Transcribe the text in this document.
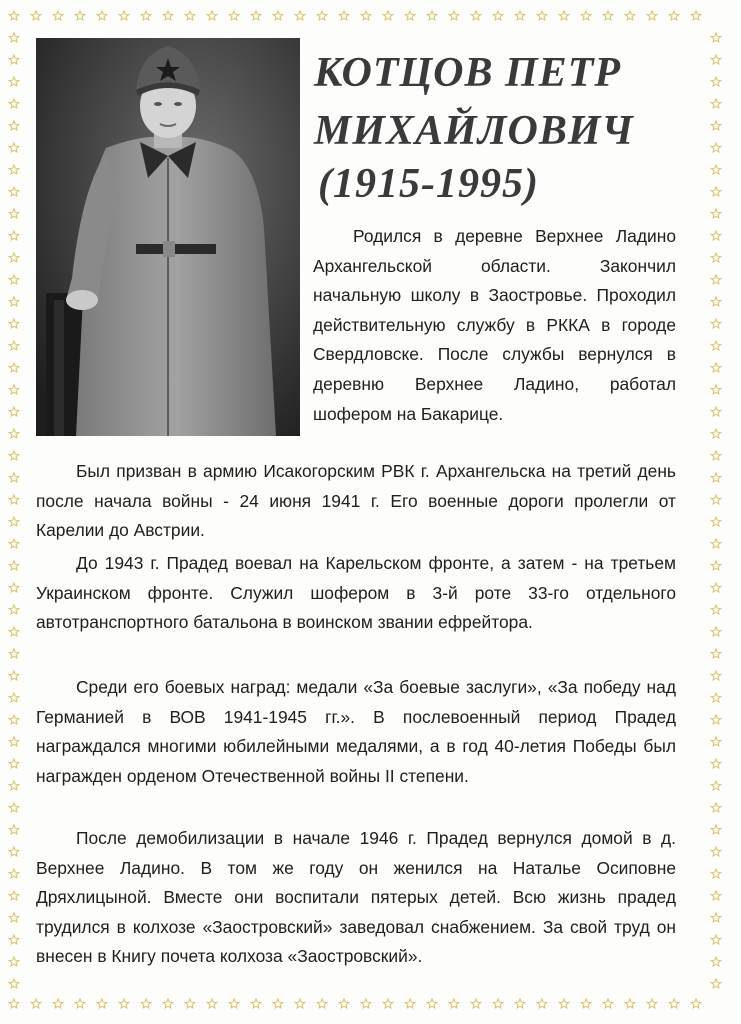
КОТЦОВ ПЕТР
МИХАЙЛОВИЧ
(1915-1995)

Родился в деревне Верхнее Ладино Архангельской области. Закончил начальную школу в Заостровье. Проходил действительную службу в РККА в городе Свердловске. После службы вернулся в деревню Верхнее Ладино, работал шофером на Бакарице.

Был призван в армию Исакогорским РВК г. Архангельска на третий день после начала войны - 24 июня 1941 г. Его военные дороги пролегли от Карелии до Австрии.

До 1943 г. Прадед воевал на Карельском фронте, а затем - на третьем Украинском фронте. Служил шофером в 3-й роте 33-го отдельного автотранспортного батальона в воинском звании ефрейтора.

Среди его боевых наград: медали «За боевые заслуги», «За победу над Германией в ВОВ 1941-1945 гг.». В послевоенный период Прадед награждался многими юбилейными медалями, а в год 40-летия Победы был награжден орденом Отечественной войны II степени.

После демобилизации в начале 1946 г. Прадед вернулся домой в д. Верхнее Ладино. В том же году он женился на Наталье Осиповне Дряхлицыной. Вместе они воспитали пятерых детей. Всю жизнь прадед трудился в колхозе «Заостровский» заведовал снабжением. За свой труд он внесен в Книгу почета колхоза «Заостровский».
